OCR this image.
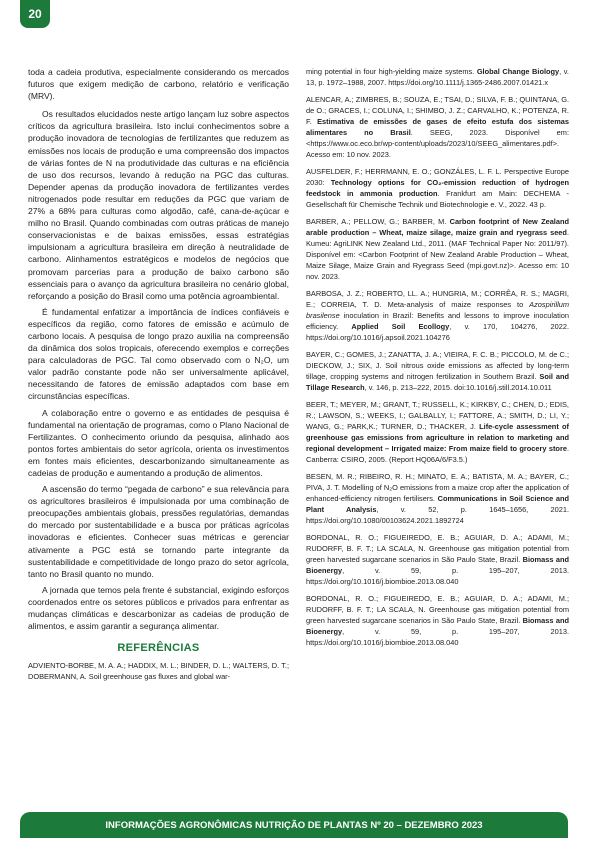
20

toda a cadeia produtiva, especialmente considerando os mercados futuros que exigem medição de carbono, relatório e verificação (MRV).

Os resultados elucidados neste artigo lançam luz sobre aspectos críticos da agricultura brasileira. Isto inclui conhecimentos sobre a produção inovadora de tecnologias de fertilizantes que reduzem as emissões nos locais de produção e uma compreensão dos impactos de várias fontes de N na produtividade das culturas e na eficiência de uso dos recursos, levando à redução na PGC das culturas. Depender apenas da produção inovadora de fertilizantes verdes nitrogenados pode resultar em reduções da PGC que variam de 27% a 68% para culturas como algodão, café, cana-de-açúcar e milho no Brasil. Quando combinadas com outras práticas de manejo conservacionistas e de baixas emissões, essas estratégias impulsionam a agricultura brasileira em direção à neutralidade de carbono. Alinhamentos estratégicos e modelos de negócios que promovam parcerias para a produção de baixo carbono são essenciais para o avanço da agricultura brasileira no cenário global, reforçando a posição do Brasil como uma potência agroambiental.

É fundamental enfatizar a importância de índices confiáveis e específicos da região, como fatores de emissão e acúmulo de carbono locais. A pesquisa de longo prazo auxilia na compreensão da dinâmica dos solos tropicais, oferecendo exemplos e correções para calculadoras de PGC. Tal como observado com o N₂O, um valor padrão constante pode não ser universalmente aplicável, necessitando de fatores de emissão adaptados com base em circunstâncias específicas.

A colaboração entre o governo e as entidades de pesquisa é fundamental na orientação de programas, como o Plano Nacional de Fertilizantes. O conhecimento oriundo da pesquisa, alinhado aos pontos fortes ambientais do setor agrícola, orienta os investimentos em fontes mais eficientes, descarbonizando simultaneamente as cadeias de produção e aumentando a produção de alimentos.

A ascensão do termo “pegada de carbono” e sua relevância para os agricultores brasileiros é impulsionada por uma combinação de preocupações ambientais globais, pressões regulatórias, demandas do mercado por sustentabilidade e a busca por práticas agrícolas inovadoras e eficientes. Conhecer suas métricas e gerenciar ativamente a PGC está se tornando parte integrante da sustentabilidade e competitividade de longo prazo do setor agrícola, tanto no Brasil quanto no mundo.

A jornada que temos pela frente é substancial, exigindo esforços coordenados entre os setores públicos e privados para enfrentar as mudanças climáticas e descarbonizar as cadeias de produção de alimentos, e assim garantir a segurança alimentar.

REFERÊNCIAS
ADVIENTO-BORBE, M. A. A.; HADDIX, M. L.; BINDER, D. L.; WALTERS, D. T.; DOBERMANN, A. Soil greenhouse gas fluxes and global war-
ming potential in four high-yielding maize systems. Global Change Biology, v. 13, p. 1972–1988, 2007. https://doi.org/10.1111/j.1365-2486.2007.01421.x
ALENCAR, A.; ZIMBRES, B.; SOUZA, E.; TSAI, D.; SILVA, F. B.; QUINTANA, G. de O.; GRACES, I.; COLUNA, I.; SHIMBO, J. Z.; CARVALHO, K.; POTENZA, R. F. Estimativa de emissões de gases de efeito estufa dos sistemas alimentares no Brasil. SEEG, 2023. Disponível em: <https://www.oc.eco.br/wp-content/uploads/2023/10/SEEG_alimentares.pdf>. Acesso em: 10 nov. 2023.
AUSFELDER, F.; HERRMANN, E. O.; GONZÁLES, L. F. L. Perspective Europe 2030: Technology options for CO₂-emission reduction of hydrogen feedstock in ammonia production. Frankfurt am Main: DECHEMA - Gesellschaft für Chemische Technik und Biotechnologie e. V., 2022. 43 p.
BARBER, A.; PELLOW, G.; BARBER, M. Carbon footprint of New Zealand arable production – Wheat, maize silage, maize grain and ryegrass seed. Kumeu: AgriLINK New Zealand Ltd., 2011. (MAF Technical Paper No: 2011/97). Disponível em: <Carbon Footprint of New Zealand Arable Production – Wheat, Maize Silage, Maize Grain and Ryegrass Seed (mpi.govt.nz)>. Acesso em: 10 nov. 2023.
BARBOSA, J. Z.; ROBERTO, LL. A.; HUNGRIA, M.; CORRÊA, R. S.; MAGRI, E.; CORREIA, T. D. Meta-analysis of maize responses to Azospirillum brasilense inoculation in Brazil: Benefits and lessons to improve inoculation efficiency. Applied Soil Ecollogy, v. 170, 104276, 2022. https://doi.org/10.1016/j.apsoil.2021.104276
BAYER, C.; GOMES, J.; ZANATTA, J. A.; VIEIRA, F. C. B.; PICCOLO, M. de C.; DIECKOW, J.; SIX, J. Soil nitrous oxide emissions as affected by long-term tillage, cropping systems and nitrogen fertilization in Southern Brazil. Soil and Tillage Research, v. 146, p. 213–222, 2015. doi:10.1016/j.still.2014.10.011
BEER, T.; MEYER, M.; GRANT, T.; RUSSELL, K.; KIRKBY, C.; CHEN, D.; EDIS, R.; LAWSON, S.; WEEKS, I.; GALBALLY, I.; FATTORE, A.; SMITH, D.; LI, Y.; WANG, G.; PARK,K.; TURNER, D.; THACKER, J. Life-cycle assessment of greenhouse gas emissions from agriculture in relation to marketing and regional development – Irrigated maize: From maize field to grocery store. Canberra: CSIRO, 2005. (Report HQ06A/6/F3.5.)
BESEN, M. R.; RIBEIRO, R. H.; MINATO, E. A.; BATISTA, M. A.; BAYER, C.; PIVA, J. T. Modelling of N₂O emissions from a maize crop after the application of enhanced-efficiency nitrogen fertilisers. Communications in Soil Science and Plant Analysis, v. 52, p. 1645–1656, 2021. https://doi.org/10.1080/00103624.2021.1892724
BORDONAL, R. O.; FIGUEIREDO, E. B.; AGUIAR, D. A.; ADAMI, M.; RUDORFF, B. F. T.; LA SCALA, N. Greenhouse gas mitigation potential from green harvested sugarcane scenarios in São Paulo State, Brazil. Biomass and Bioenergy, v. 59, p. 195–207, 2013. https://doi.org/10.1016/j.biombioe.2013.08.040
BORDONAL, R. O.; FIGUEIREDO, E. B.; AGUIAR, D. A.; ADAMI, M.; RUDORFF, B. F. T.; LA SCALA, N. Greenhouse gas mitigation potential from green harvested sugarcane scenarios in São Paulo State, Brazil. Biomass and Bioenergy, v. 59, p. 195–207, 2013. https://doi.org/10.1016/j.biombioe.2013.08.040
INFORMAÇÕES AGRONÔMICAS NUTRIÇÃO DE PLANTAS Nº 20 – DEZEMBRO 2023
